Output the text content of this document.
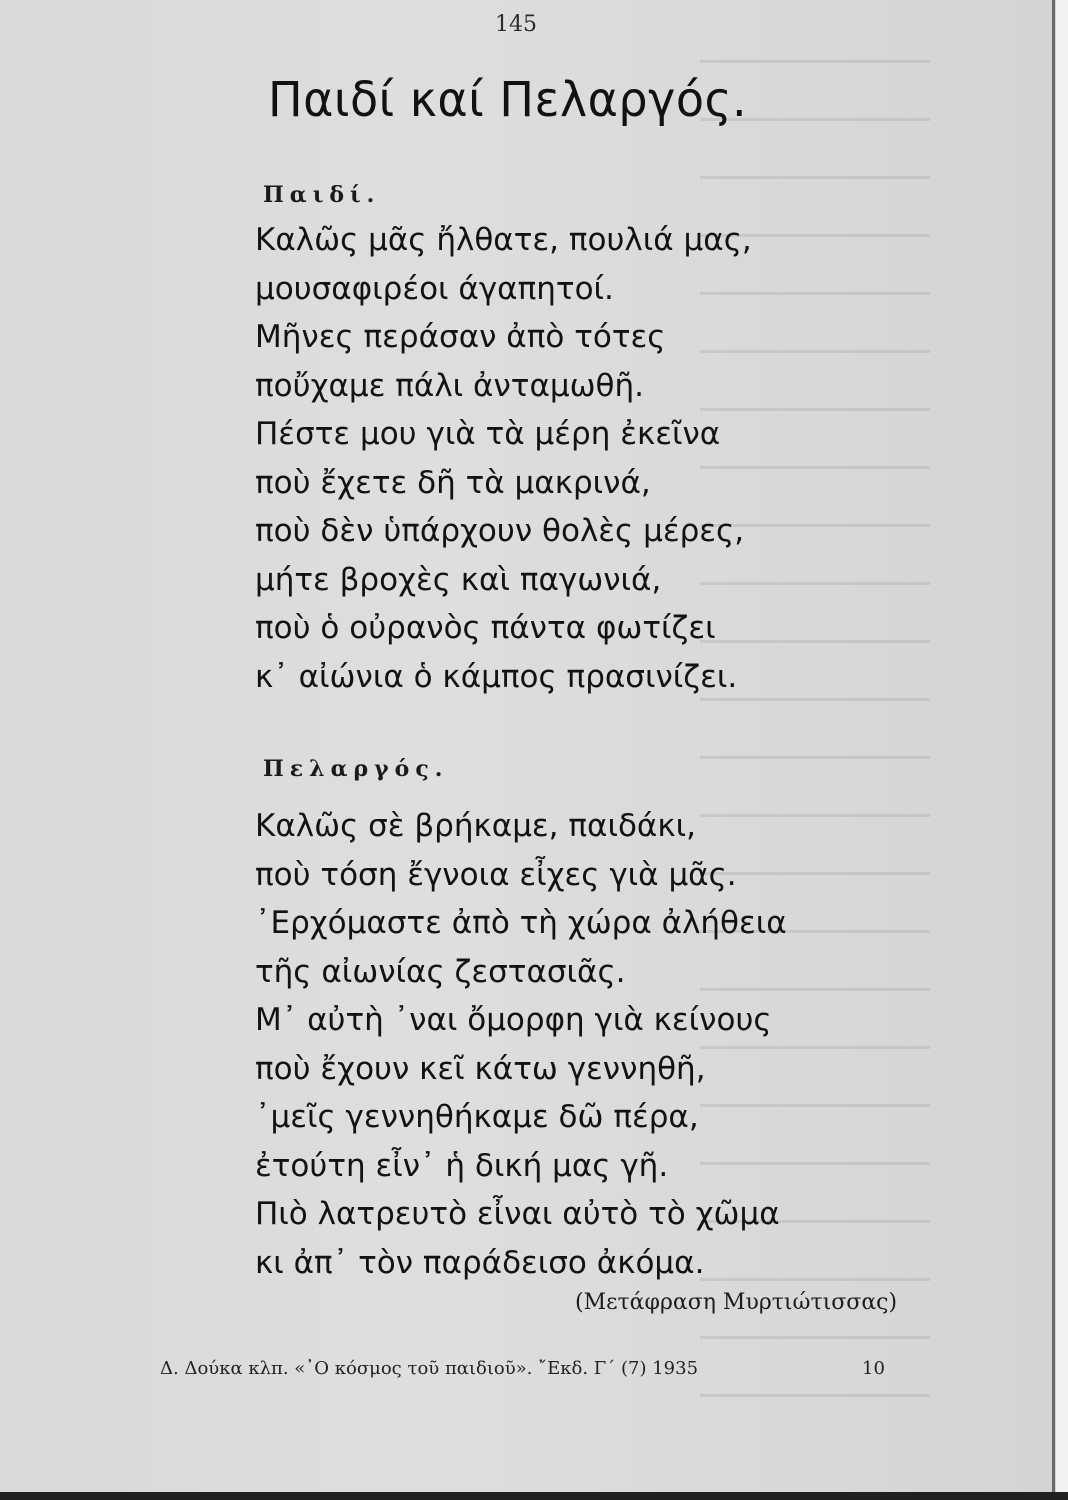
145
Παιδί καί Πελαργός.
Παιδί.
Καλῶς μᾶς ἤλθατε, πουλιά μας,
μουσαφιρέοι άγαπητοί.
Μῆνες περάσαν ἀπὸ τότες
ποὔχαμε πάλι ἀνταμωθῆ.
Πέστε μου γιὰ τὰ μέρη ἐκεῖνα
ποὺ ἔχετε δῆ τὰ μακρινά,
ποὺ δὲν ὑπάρχουν θολὲς μέρες,
μήτε βροχὲς καὶ παγωνιά,
ποὺ ὁ οὐρανὸς πάντα φωτίζει
κ᾿ αἰώνια ὁ κάμπος πρασινίζει.
Πελαργός.
Καλῶς σὲ βρήκαμε, παιδάκι,
ποὺ τόση ἔγνοια εἶχες γιὰ μᾶς.
᾿Ερχόμαστε ἀπὸ τὴ χώρα ἀλήθεια
τῆς αἰωνίας ζεστασιᾶς.
Μ᾿ αὐτὴ ᾿ναι ὄμορφη γιὰ κείνους
ποὺ ἔχουν κεῖ κάτω γεννηθῆ,
᾿μεῖς γεννηθήκαμε δῶ πέρα,
ἐτούτη εἶν᾿ ἡ δική μας γῆ.
Πιὸ λατρευτὸ εἶναι αὐτὸ τὸ χῶμα
κι ἀπ᾿ τὸν παράδεισο ἀκόμα.
(Μετάφραση Μυρτιώτισσας)
Δ. Δούκα κλπ. «᾿Ο κόσμος τοῦ παιδιοῦ». ῎Εκδ. Γ΄ (7) 1935	10
